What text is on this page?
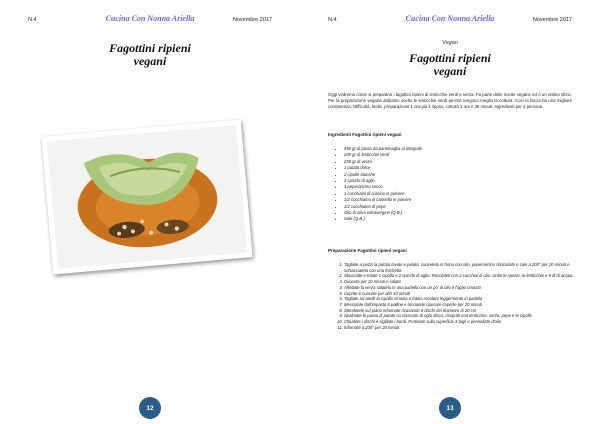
N.4	Cucina Con Nonna Ariella	Novembre 2017
Fagottini ripieni
vegani
12
N.4	Cucina Con Nonna Ariella	Novembre 2017
Vegan
Fagottini ripieni
vegani
Oggi vedremo come si preparano i fagottini ripieni di lenticchie verdi e verza. Fa parte delle ricette vegane ed è un ottimo sfizio. Per la preparazione vegana abbiamo scelto le lenticchie verdi perché tengono meglio la cottura. Così la farcia ha una migliore consistenza. Difficoltà, facile, preparazione 1 ora più il riposo, cottura 1 ora e 35 minuti. Ingredienti per 4 persone.
Ingredienti Fagottini ripieni vegani
• 450 gr di pasta da panemaglia ai integrale
• 200 gr di lenticchie verdi
• 250 gr di verza
• 1 patata dolce
• 2 cipolle bianche
• 3 spicchi di aglio
• 1 peperoncino secco
• 1 cucchiaini di cumino in polvere
• 1/2 cucchiaino di cannella in polvere
• 1/2 cucchiaino di pepe
• Olio di oliva extravergine (Q.B.)
• Sale (Q.B.)
Preparazione Fagottini ripieni vegani
1. Tagliate a pezzi la patata lavata e pelata, cuocetela in forno con olio, peperoncino sbriciolato e sale a 200° per 20 minuti e schiacciatela con una forchetta
2. Sbucciate e tritate 1 cipolla e 2 spicchi di aglio. Rosolateli con 2 cucchiai di olio. Unite le spezie, le lenticchie e 5 dl di acqua.
3. Cuocete per 20 minuti e salate
4. Affettate la verza salatela in una padella con un po' di olio e l'aglio rimasto
5. Coprite e cuocete per altri 10 minuti
6. Tagliate ad anelli la cipolla rimasta e fatela rosolare leggermente in padella
7. Mescolate dall'impasto 8 palline e lasciatele riposare coperte per 20 minuti
8. Stendetele sul piano infarinato ricavando 8 dischi del diametro di 20 cm
9. Spalmate la purea di patate su ciascuno di ogni disco, ricoprite con lenticchie, verza, pepe e le cipolle
10. Chiudete i dischi e sigillate i bordi. Pratinate sulla superficie 3 tagli e pennellate d'olio
11. Infornate a 200° per 20 minuti.
13
